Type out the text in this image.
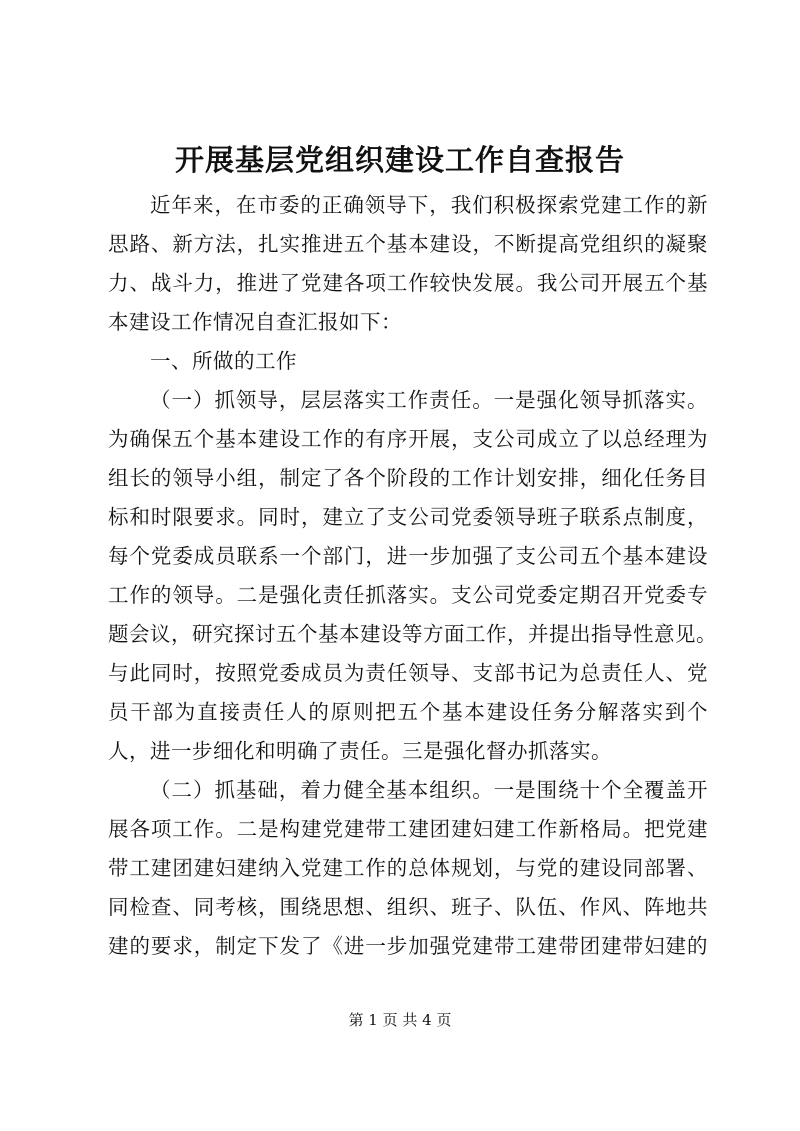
开展基层党组织建设工作自查报告
近年来，在市委的正确领导下，我们积极探索党建工作的新
思路、新方法，扎实推进五个基本建设，不断提高党组织的凝聚
力、战斗力，推进了党建各项工作较快发展。我公司开展五个基
本建设工作情况自查汇报如下：
一、所做的工作
（一）抓领导，层层落实工作责任。一是强化领导抓落实。
为确保五个基本建设工作的有序开展，支公司成立了以总经理为
组长的领导小组，制定了各个阶段的工作计划安排，细化任务目
标和时限要求。同时，建立了支公司党委领导班子联系点制度，
每个党委成员联系一个部门，进一步加强了支公司五个基本建设
工作的领导。二是强化责任抓落实。支公司党委定期召开党委专
题会议，研究探讨五个基本建设等方面工作，并提出指导性意见。
与此同时，按照党委成员为责任领导、支部书记为总责任人、党
员干部为直接责任人的原则把五个基本建设任务分解落实到个
人，进一步细化和明确了责任。三是强化督办抓落实。
（二）抓基础，着力健全基本组织。一是围绕十个全覆盖开
展各项工作。二是构建党建带工建团建妇建工作新格局。把党建
带工建团建妇建纳入党建工作的总体规划，与党的建设同部署、
同检查、同考核，围绕思想、组织、班子、队伍、作风、阵地共
建的要求，制定下发了《进一步加强党建带工建带团建带妇建的
第 1 页 共 4 页
